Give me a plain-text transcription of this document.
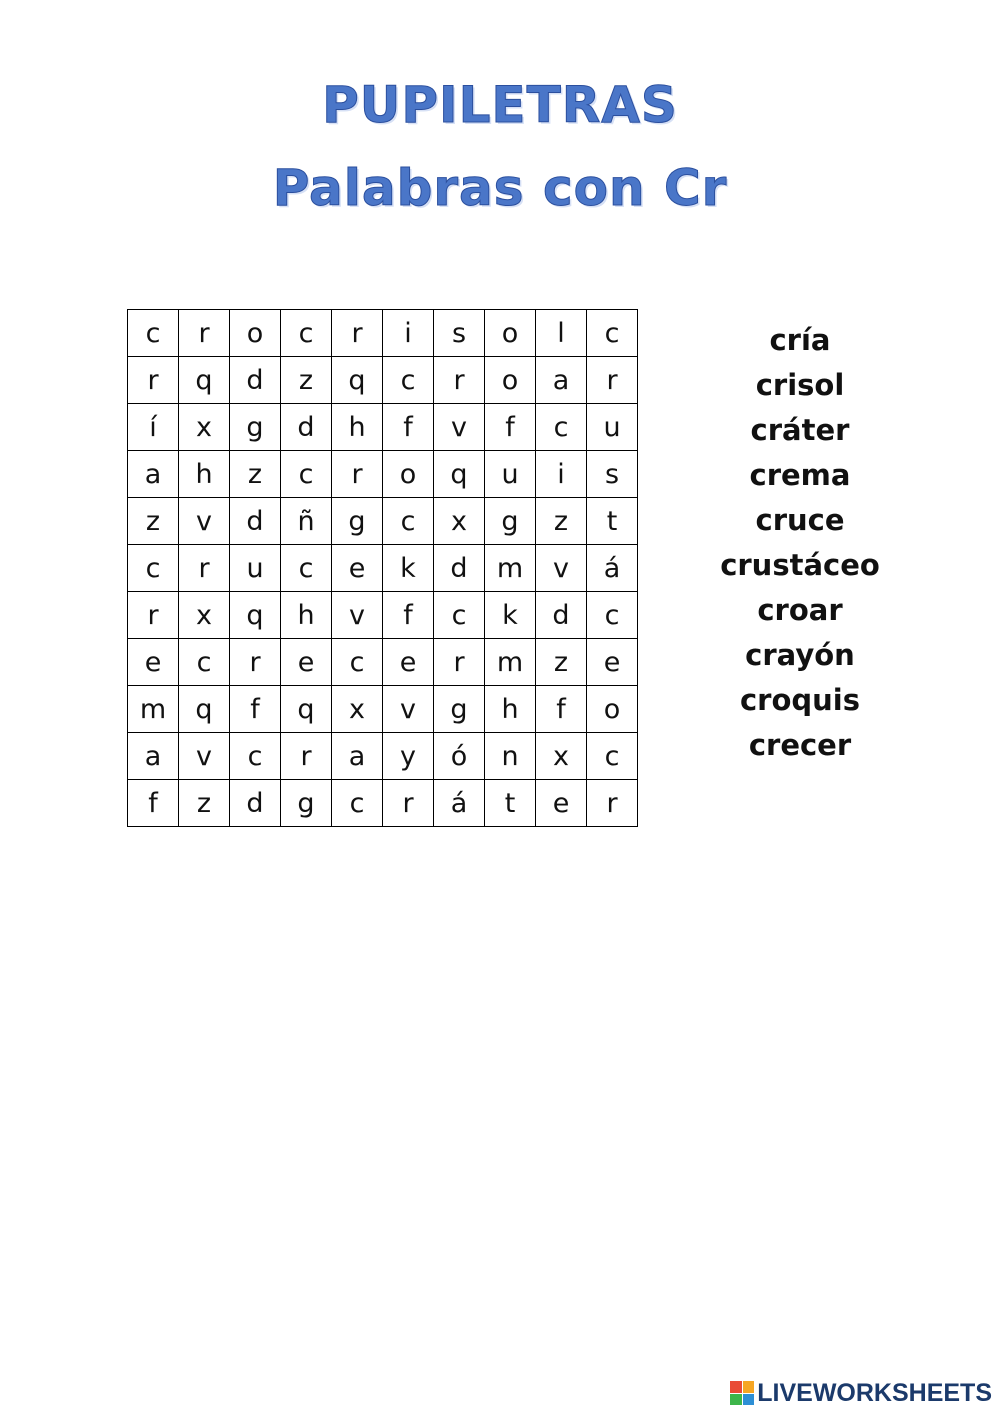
PUPILETRAS
Palabras con Cr
c	r	o	c	r	i	s	o	l	c
r	q	d	z	q	c	r	o	a	r
í	x	g	d	h	f	v	f	c	u
a	h	z	c	r	o	q	u	i	s
z	v	d	ñ	g	c	x	g	z	t
c	r	u	c	e	k	d	m	v	á
r	x	q	h	v	f	c	k	d	c
e	c	r	e	c	e	r	m	z	e
m	q	f	q	x	v	g	h	f	o
a	v	c	r	a	y	ó	n	x	c
f	z	d	g	c	r	á	t	e	r
cría
crisol
cráter
crema
cruce
crustáceo
croar
crayón
croquis
crecer
LIVEWORKSHEETS
